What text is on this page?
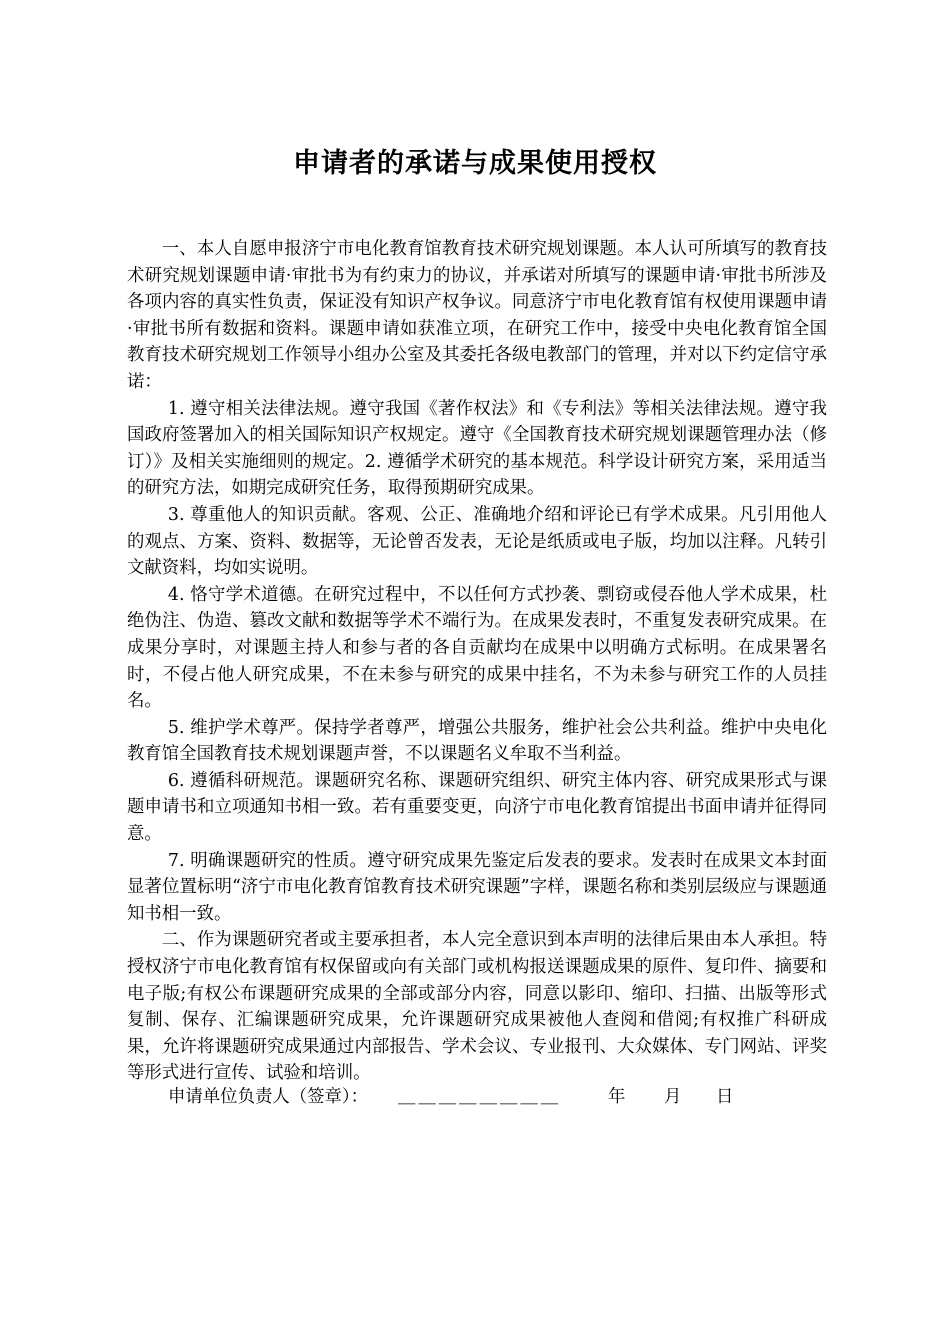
申请者的承诺与成果使用授权

一、本人自愿申报济宁市电化教育馆教育技术研究规划课题。本人认可所填写的教育技术研究规划课题申请·审批书为有约束力的协议，并承诺对所填写的课题申请·审批书所涉及各项内容的真实性负责，保证没有知识产权争议。同意济宁市电化教育馆有权使用课题申请·审批书所有数据和资料。课题申请如获准立项，在研究工作中，接受中央电化教育馆全国教育技术研究规划工作领导小组办公室及其委托各级电教部门的管理，并对以下约定信守承诺：

1. 遵守相关法律法规。遵守我国《著作权法》和《专利法》等相关法律法规。遵守我国政府签署加入的相关国际知识产权规定。遵守《全国教育技术研究规划课题管理办法（修订）》及相关实施细则的规定。2. 遵循学术研究的基本规范。科学设计研究方案，采用适当的研究方法，如期完成研究任务，取得预期研究成果。

3. 尊重他人的知识贡献。客观、公正、准确地介绍和评论已有学术成果。凡引用他人的观点、方案、资料、数据等，无论曾否发表，无论是纸质或电子版，均加以注释。凡转引文献资料，均如实说明。

4. 恪守学术道德。在研究过程中，不以任何方式抄袭、剽窃或侵吞他人学术成果，杜绝伪注、伪造、篡改文献和数据等学术不端行为。在成果发表时，不重复发表研究成果。在成果分享时，对课题主持人和参与者的各自贡献均在成果中以明确方式标明。在成果署名时，不侵占他人研究成果，不在未参与研究的成果中挂名，不为未参与研究工作的人员挂名。

5. 维护学术尊严。保持学者尊严，增强公共服务，维护社会公共利益。维护中央电化教育馆全国教育技术规划课题声誉，不以课题名义牟取不当利益。

6. 遵循科研规范。课题研究名称、课题研究组织、研究主体内容、研究成果形式与课题申请书和立项通知书相一致。若有重要变更，向济宁市电化教育馆提出书面申请并征得同意。

7. 明确课题研究的性质。遵守研究成果先鉴定后发表的要求。发表时在成果文本封面显著位置标明“济宁市电化教育馆教育技术研究课题”字样，课题名称和类别层级应与课题通知书相一致。

二、作为课题研究者或主要承担者，本人完全意识到本声明的法律后果由本人承担。特授权济宁市电化教育馆有权保留或向有关部门或机构报送课题成果的原件、复印件、摘要和电子版;有权公布课题研究成果的全部或部分内容，同意以影印、缩印、扫描、出版等形式复制、保存、汇编课题研究成果，允许课题研究成果被他人查阅和借阅;有权推广科研成果，允许将课题研究成果通过内部报告、学术会议、专业报刊、大众媒体、专门网站、评奖等形式进行宣传、试验和培训。

申请单位负责人（签章）： ＿＿＿＿＿＿＿＿	年 月 日
